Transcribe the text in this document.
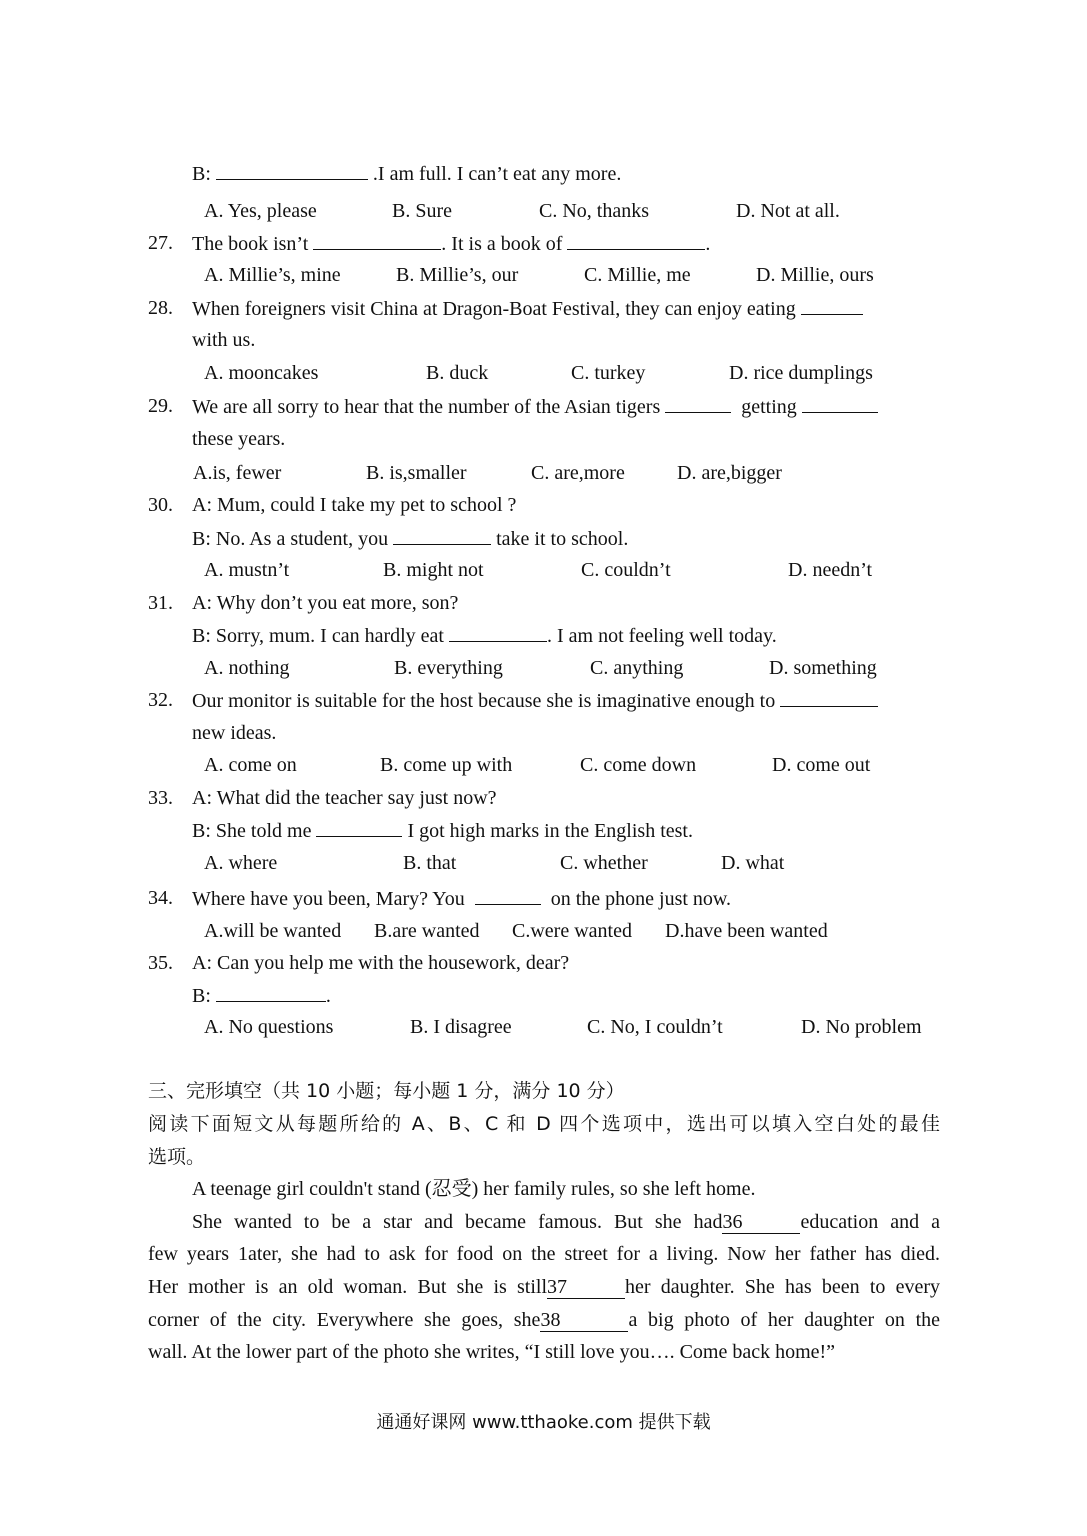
B:	.I am full. I can’t eat any more.
A. Yes, please	B. Sure	C. No, thanks	D. Not at all.
27. The book isn’t	. It is a book of	.
A. Millie’s, mine	B. Millie’s, our	C. Millie, me	D. Millie, ours
28. When foreigners visit China at Dragon-Boat Festival, they can enjoy eating
with us.
A. mooncakes	B. duck	C. turkey	D. rice dumplings
29. We are all sorry to hear that the number of the Asian tigers	getting
these years.
A.is, fewer	B. is,smaller	C. are,more	D. are,bigger
30. A: Mum, could I take my pet to school ?
B: No. As a student, you	take it to school.
A. mustn’t	B. might not	C. couldn’t	D. needn’t
31. A: Why don’t you eat more, son?
B: Sorry, mum. I can hardly eat	. I am not feeling well today.
A. nothing	B. everything	C. anything	D. something
32. Our monitor is suitable for the host because she is imaginative enough to
new ideas.
A. come on	B. come up with	C. come down	D. come out
33. A: What did the teacher say just now?
B: She told me	I got high marks in the English test.
A. where	B. that	C. whether	D. what
34. Where have you been, Mary? You	on the phone just now.
A.will be wanted B.are wanted C.were wanted D.have been wanted
35. A: Can you help me with the housework, dear?
B:	.
A. No questions	B. I disagree	C. No, I couldn’t	D. No problem
三、完形填空（共 10 小题；每小题 1 分，满分 10 分）
阅读下面短文从每题所给的 A、B、C 和 D 四个选项中，选出可以填入空白处的最佳
选项。
A teenage girl couldn't stand (忍受) her family rules, so she left home.
She wanted to be a star and became famous. But she had36	education and a
few years 1ater, she had to ask for food on the street for a living. Now her father has died.
Her mother is an old woman. But she is still37	her daughter. She has been to every
corner of the city. Everywhere she goes, she38	a big photo of her daughter on the
wall. At the lower part of the photo she writes, “I still love you…. Come back home!”
通通好课网 www.tthaoke.com 提供下载
